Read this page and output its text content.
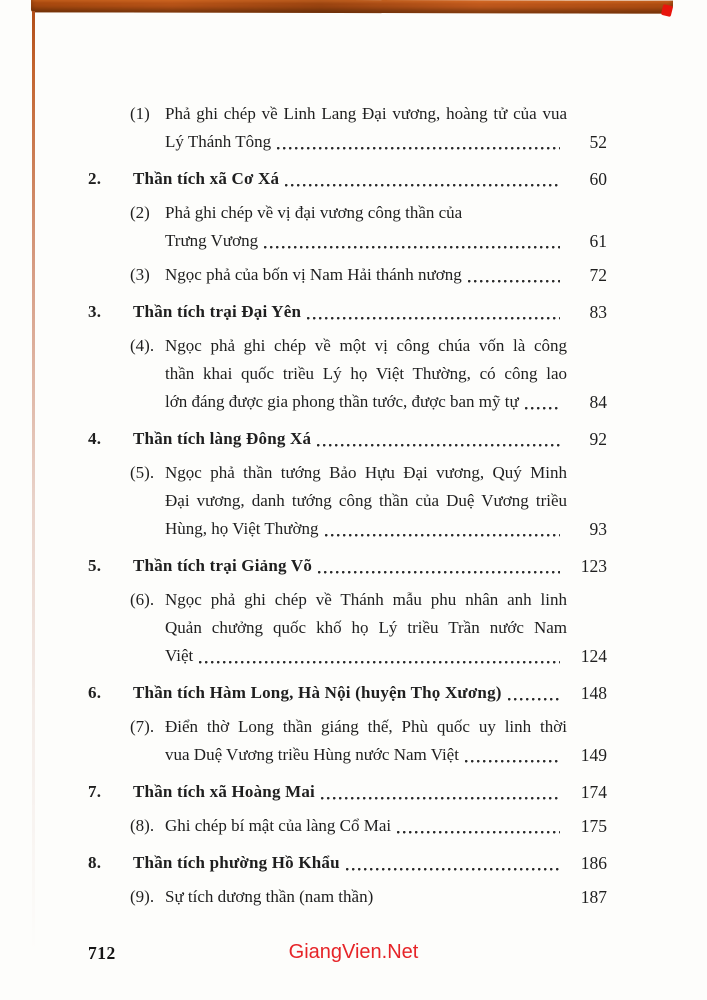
(1) Phả ghi chép về Linh Lang Đại vương, hoàng tử của vua
Lý Thánh Tông	52
2.	Thần tích xã Cơ Xá	60
(2) Phả ghi chép về vị đại vương công thần của
Trưng Vương	61
(3) Ngọc phả của bốn vị Nam Hải thánh nương	72
3.	Thần tích trại Đại Yên	83
(4). Ngọc phả ghi chép về một vị công chúa vốn là công
thần khai quốc triều Lý họ Việt Thường, có công lao
lớn đáng được gia phong thần tước, được ban mỹ tự	84
4.	Thần tích làng Đông Xá	92
(5). Ngọc phả thần tướng Bảo Hựu Đại vương, Quý Minh
Đại vương, danh tướng công thần của Duệ Vương triều
Hùng, họ Việt Thường	93
5.	Thần tích trại Giảng Võ	123
(6). Ngọc phả ghi chép về Thánh mẫu phu nhân anh linh
Quản chưởng quốc khố họ Lý triều Trần nước Nam
Việt	124
6.	Thần tích Hàm Long, Hà Nội (huyện Thọ Xương)	148
(7). Điển thờ Long thần giáng thế, Phù quốc uy linh thời
vua Duệ Vương triều Hùng nước Nam Việt	149
7.	Thần tích xã Hoàng Mai	174
(8). Ghi chép bí mật của làng Cổ Mai	175
8.	Thần tích phường Hồ Khẩu	186
(9). Sự tích dương thần (nam thần)	187
712	GiangVien.Net
